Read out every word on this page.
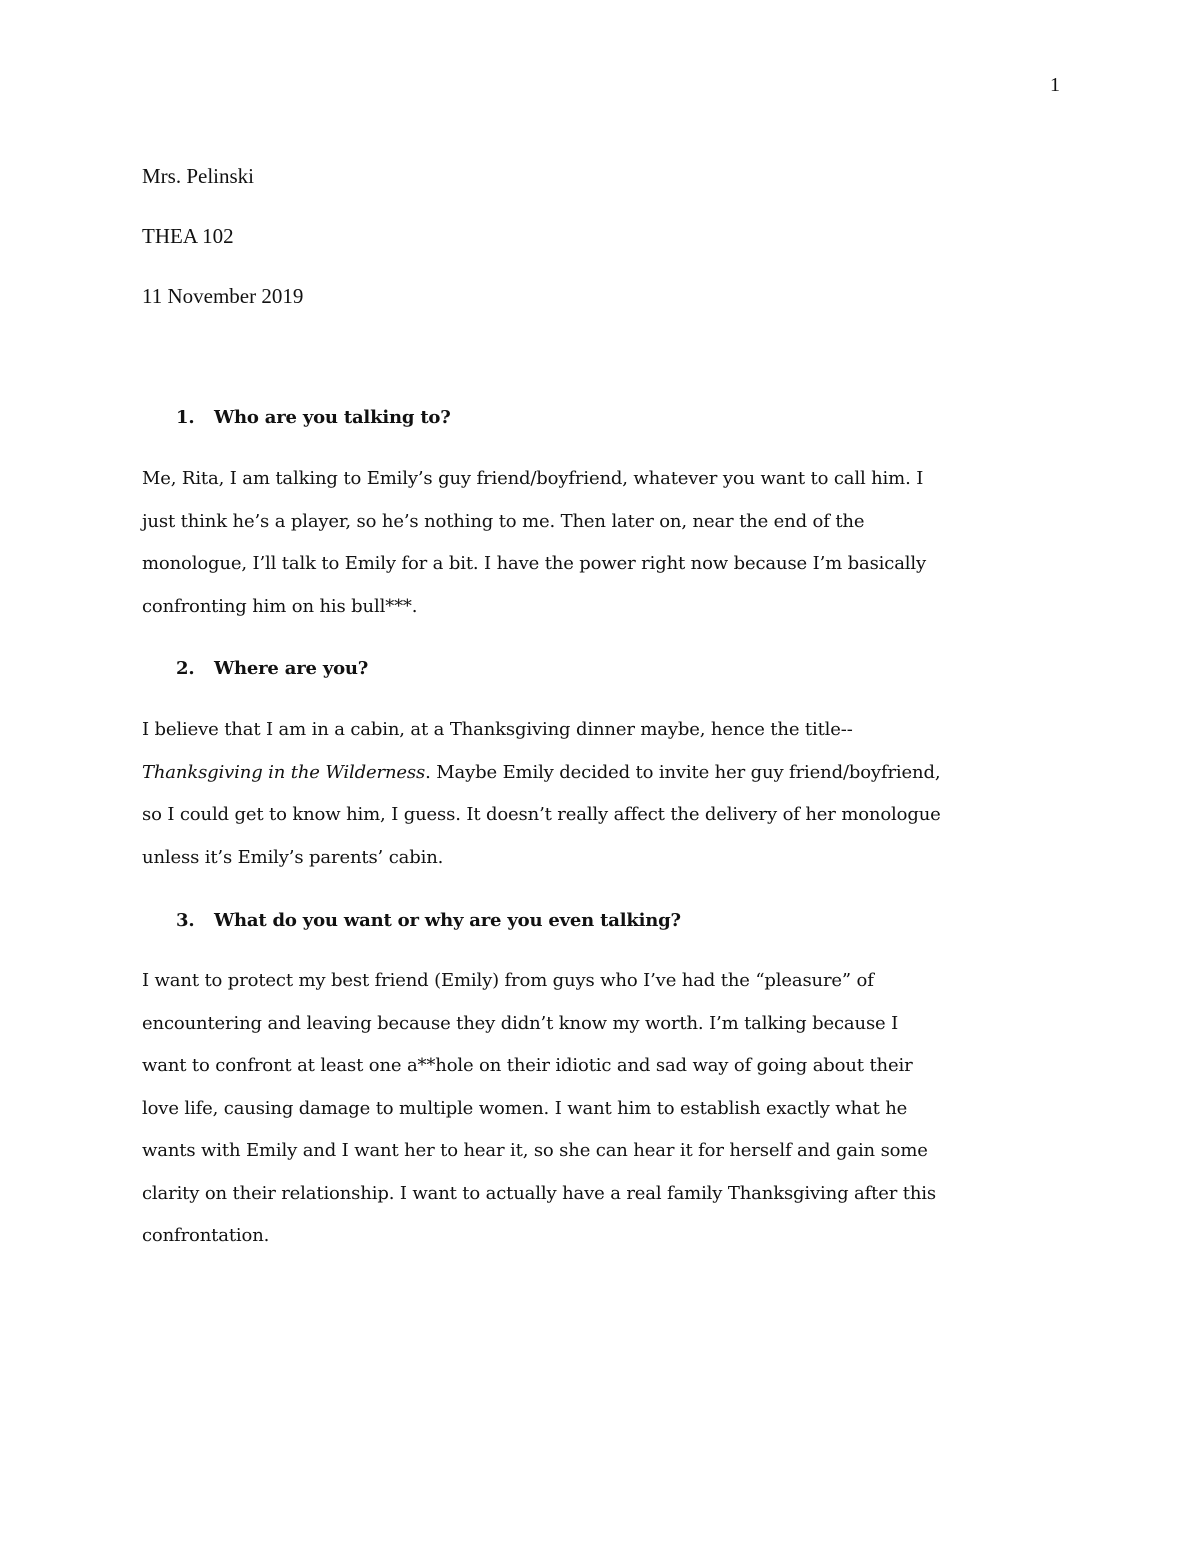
1
Mrs. Pelinski
THEA 102
11 November 2019
1. Who are you talking to?
Me, Rita, I am talking to Emily’s guy friend/boyfriend, whatever you want to call him. I
just think he’s a player, so he’s nothing to me. Then later on, near the end of the
monologue, I’ll talk to Emily for a bit. I have the power right now because I’m basically
confronting him on his bull***.
2. Where are you?
I believe that I am in a cabin, at a Thanksgiving dinner maybe, hence the title--
Thanksgiving in the Wilderness. Maybe Emily decided to invite her guy friend/boyfriend,
so I could get to know him, I guess. It doesn’t really affect the delivery of her monologue
unless it’s Emily’s parents’ cabin.
3. What do you want or why are you even talking?
I want to protect my best friend (Emily) from guys who I’ve had the “pleasure” of
encountering and leaving because they didn’t know my worth. I’m talking because I
want to confront at least one a**hole on their idiotic and sad way of going about their
love life, causing damage to multiple women. I want him to establish exactly what he
wants with Emily and I want her to hear it, so she can hear it for herself and gain some
clarity on their relationship. I want to actually have a real family Thanksgiving after this
confrontation.
